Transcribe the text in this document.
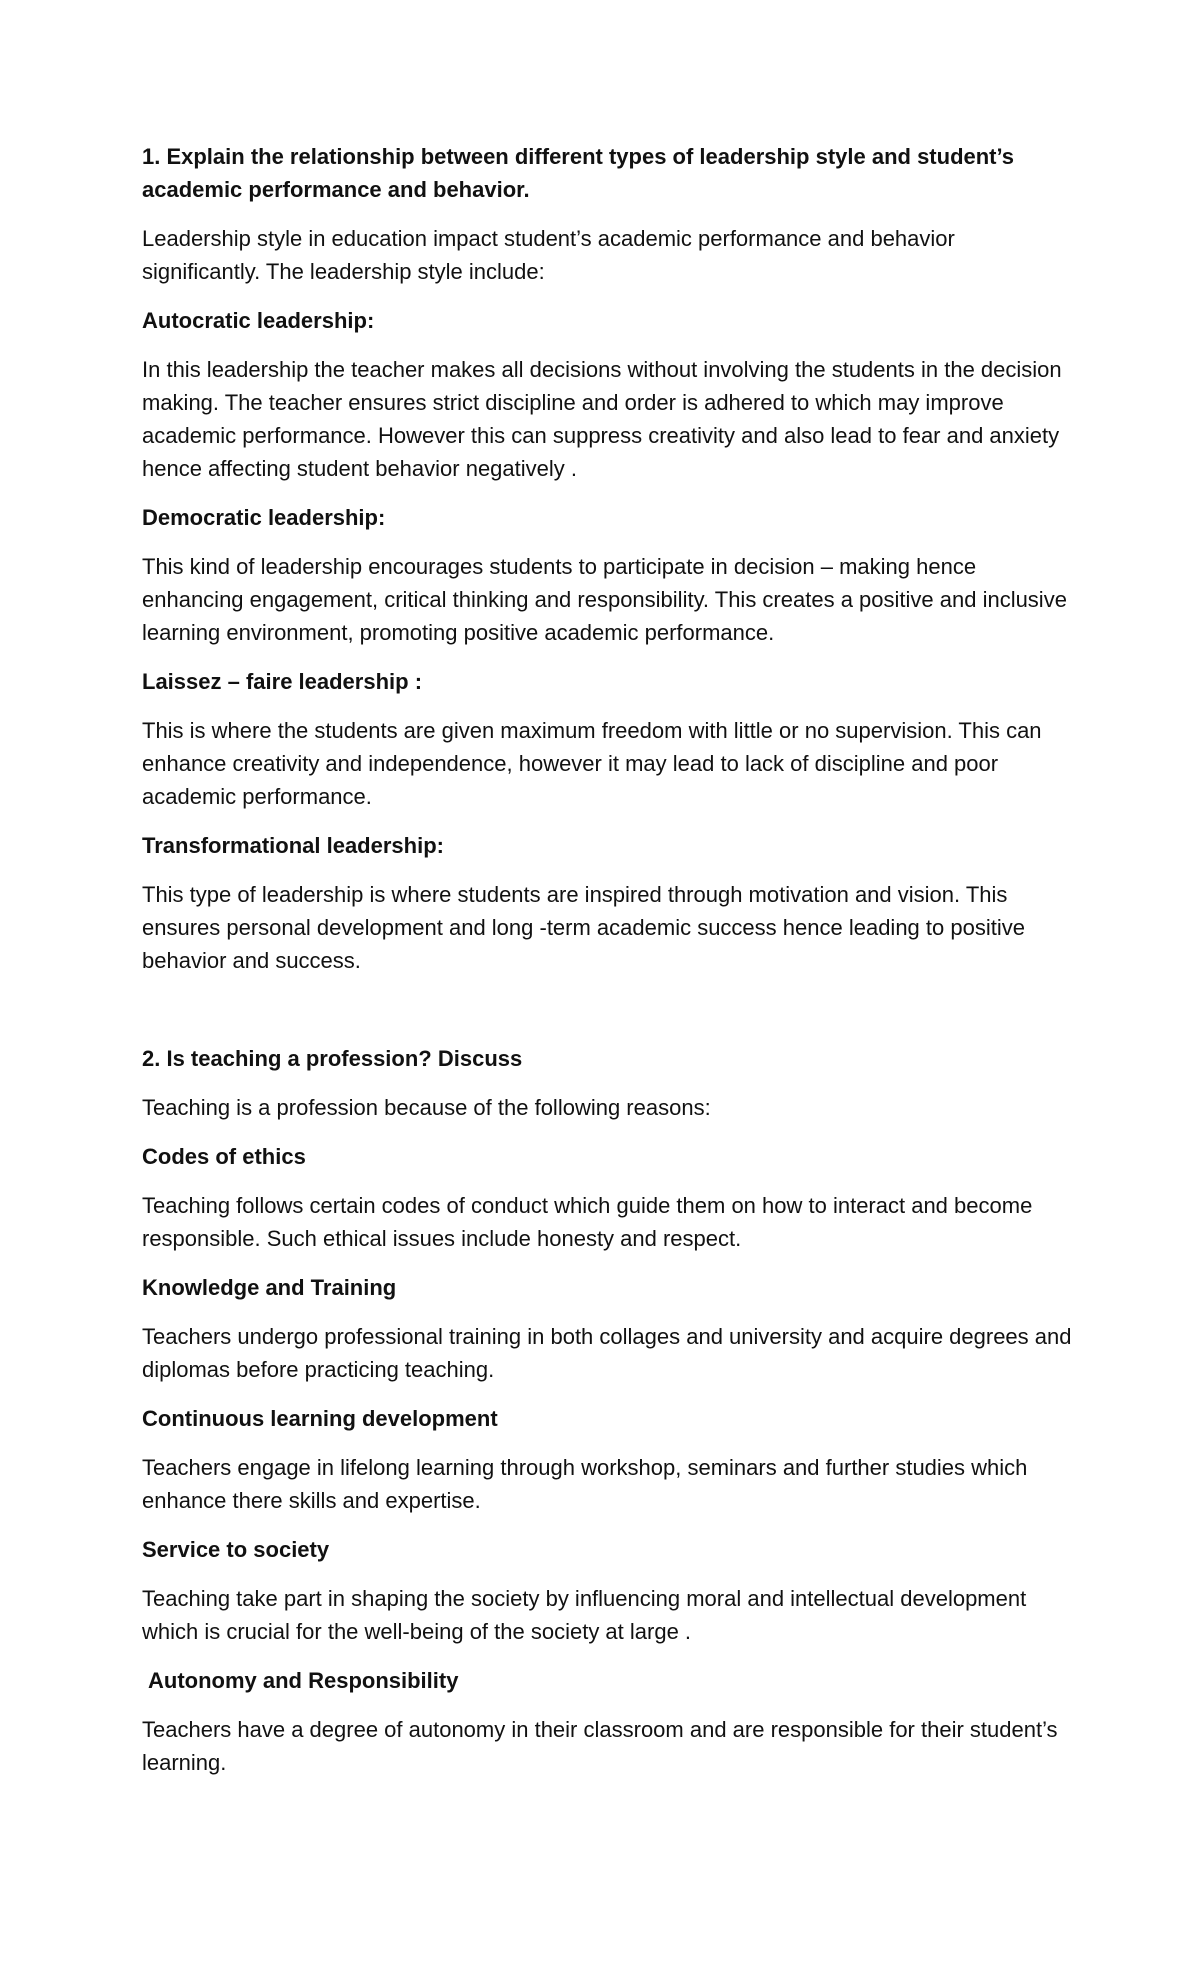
1. Explain the relationship between different types of leadership style and student’s academic performance and behavior.

Leadership style in education impact student’s academic performance and behavior significantly. The leadership style include:

Autocratic leadership:

In this leadership the teacher makes all decisions without involving the students in the decision making. The teacher ensures strict discipline and order is adhered to which may improve academic performance. However this can suppress creativity and also lead to fear and anxiety hence affecting student behavior negatively .

Democratic leadership:

This kind of leadership encourages students to participate in decision – making hence enhancing engagement, critical thinking and responsibility. This creates a positive and inclusive learning environment, promoting positive academic performance.

Laissez – faire leadership :

This is where the students are given maximum freedom with little or no supervision. This can enhance creativity and independence, however it may lead to lack of discipline and poor academic performance.

Transformational leadership:

This type of leadership is where students are inspired through motivation and vision. This ensures personal development and long -term academic success hence leading to positive behavior and success.

2. Is teaching a profession? Discuss

Teaching is a profession because of the following reasons:

Codes of ethics

Teaching follows certain codes of conduct which guide them on how to interact and become responsible. Such ethical issues include honesty and respect.

Knowledge and Training

Teachers undergo professional training in both collages and university and acquire degrees and diplomas before practicing teaching.

Continuous learning development

Teachers engage in lifelong learning through workshop, seminars and further studies which enhance there skills and expertise.

Service to society

Teaching take part in shaping the society by influencing moral and intellectual development which is crucial for the well-being of the society at large .

Autonomy and Responsibility

Teachers have a degree of autonomy in their classroom and are responsible for their student’s learning.
